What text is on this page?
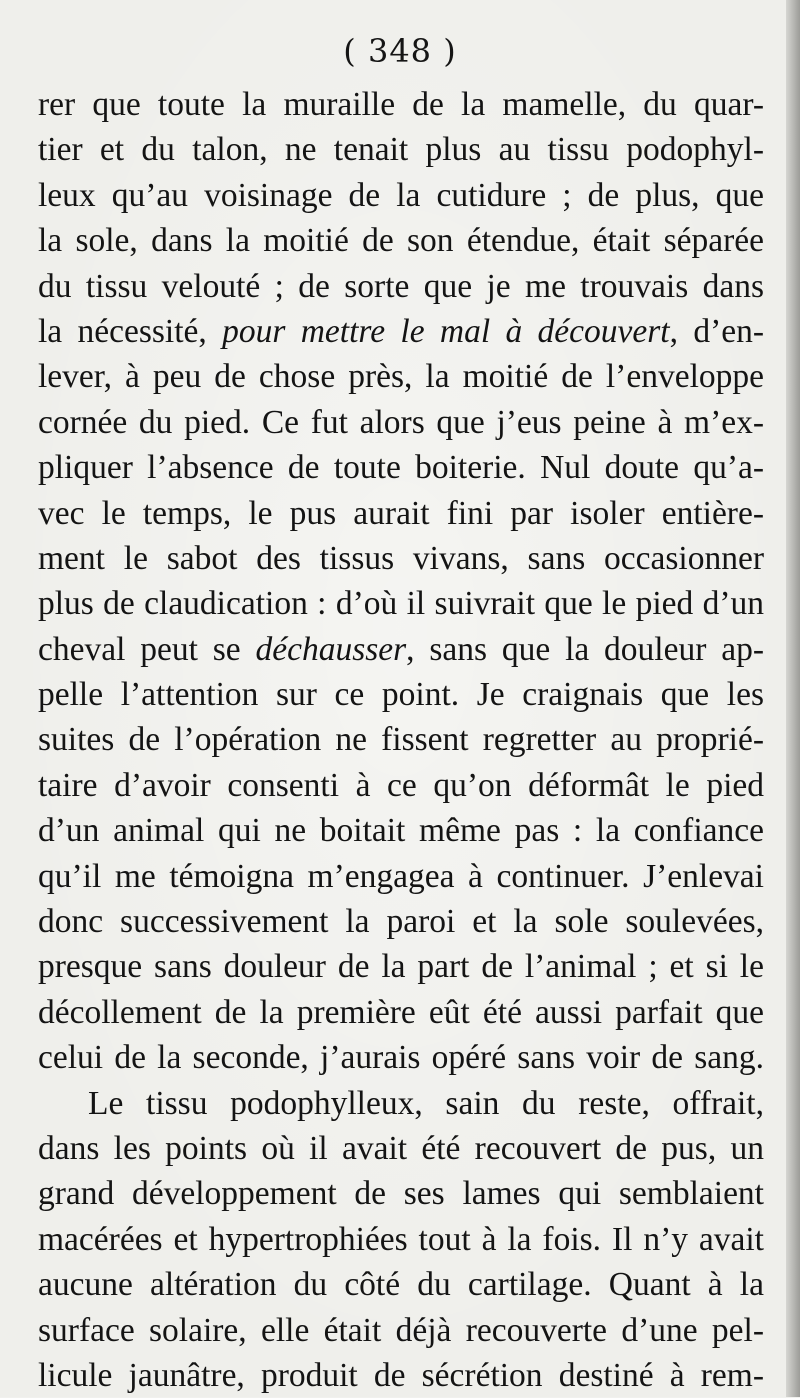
( 348 )
rer que toute la muraille de la mamelle, du quar-
tier et du talon, ne tenait plus au tissu podophyl-
leux qu’au voisinage de la cutidure ; de plus, que
la sole, dans la moitié de son étendue, était séparée
du tissu velouté ; de sorte que je me trouvais dans
la nécessité, pour mettre le mal à découvert, d’en-
lever, à peu de chose près, la moitié de l’enveloppe
cornée du pied. Ce fut alors que j’eus peine à m’ex-
pliquer l’absence de toute boiterie. Nul doute qu’a-
vec le temps, le pus aurait fini par isoler entière-
ment le sabot des tissus vivans, sans occasionner
plus de claudication : d’où il suivrait que le pied d’un
cheval peut se déchausser, sans que la douleur ap-
pelle l’attention sur ce point. Je craignais que les
suites de l’opération ne fissent regretter au proprié-
taire d’avoir consenti à ce qu’on déformât le pied
d’un animal qui ne boitait même pas : la confiance
qu’il me témoigna m’engagea à continuer. J’enlevai
donc successivement la paroi et la sole soulevées,
presque sans douleur de la part de l’animal ; et si le
décollement de la première eût été aussi parfait que
celui de la seconde, j’aurais opéré sans voir de sang.
Le tissu podophylleux, sain du reste, offrait,
dans les points où il avait été recouvert de pus, un
grand développement de ses lames qui semblaient
macérées et hypertrophiées tout à la fois. Il n’y avait
aucune altération du côté du cartilage. Quant à la
surface solaire, elle était déjà recouverte d’une pel-
licule jaunâtre, produit de sécrétion destiné à rem-
